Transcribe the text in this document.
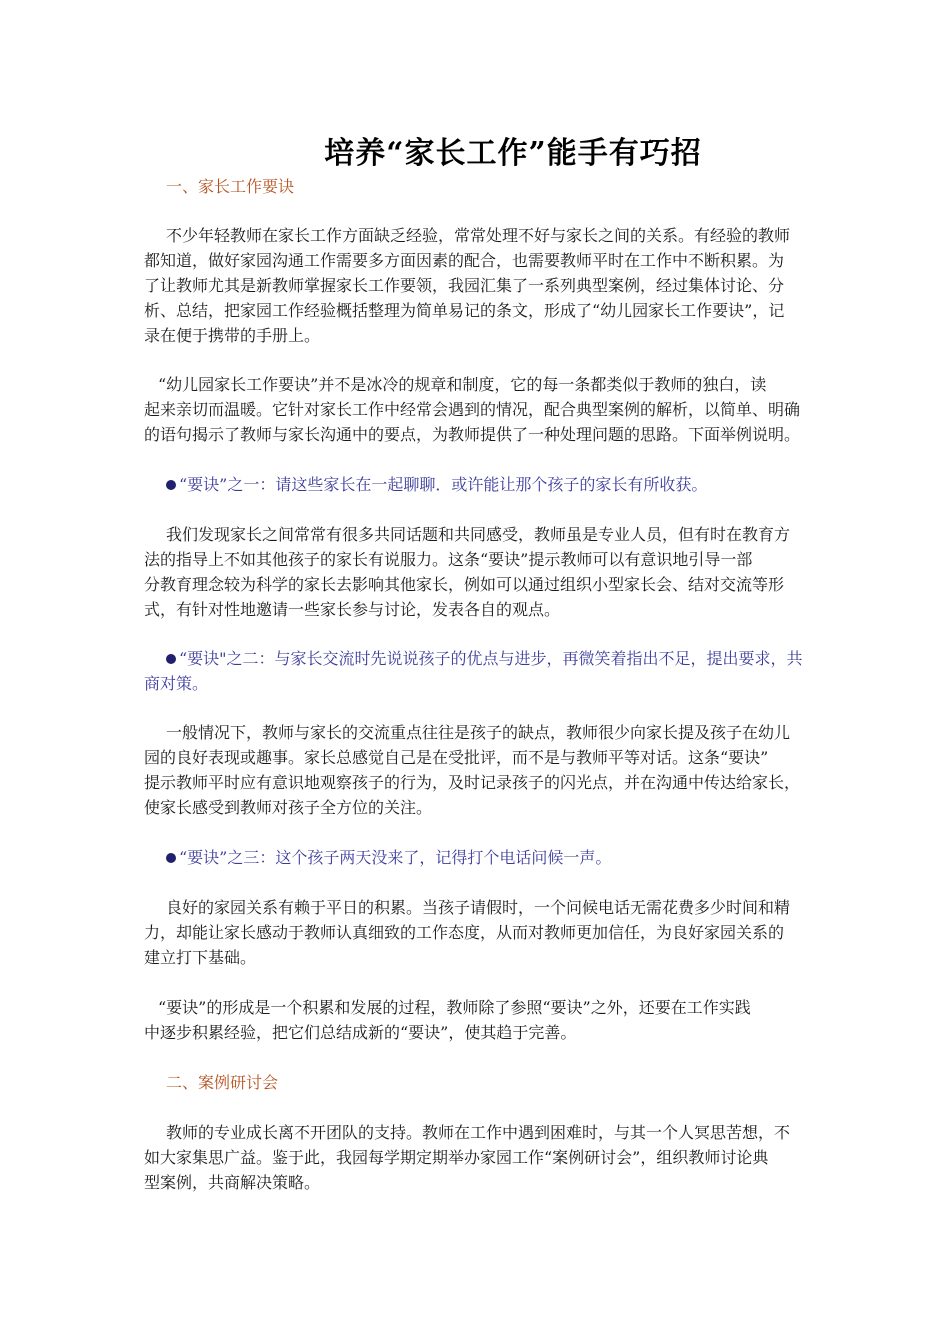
培养“家长工作”能手有巧招
一、家长工作要诀
不少年轻教师在家长工作方面缺乏经验，常常处理不好与家长之间的关系。有经验的教师
都知道，做好家园沟通工作需要多方面因素的配合，也需要教师平时在工作中不断积累。为
了让教师尤其是新教师掌握家长工作要领，我园汇集了一系列典型案例，经过集体讨论、分
析、总结，把家园工作经验概括整理为简单易记的条文，形成了“幼儿园家长工作要诀”，记
录在便于携带的手册上。
“幼儿园家长工作要诀”并不是冰冷的规章和制度，它的每一条都类似于教师的独白，读
起来亲切而温暖。它针对家长工作中经常会遇到的情况，配合典型案例的解析，以简单、明确
的语句揭示了教师与家长沟通中的要点，为教师提供了一种处理问题的思路。下面举例说明。
“要诀”之一：请这些家长在一起聊聊．或许能让那个孩子的家长有所收获。
我们发现家长之间常常有很多共同话题和共同感受，教师虽是专业人员，但有时在教育方
法的指导上不如其他孩子的家长有说服力。这条“要诀”提示教师可以有意识地引导一部
分教育理念较为科学的家长去影响其他家长，例如可以通过组织小型家长会、结对交流等形
式，有针对性地邀请一些家长参与讨论，发表各自的观点。
“要诀"之二：与家长交流时先说说孩子的优点与进步，再微笑着指出不足，提出要求，共
商对策。
一般情况下，教师与家长的交流重点往往是孩子的缺点，教师很少向家长提及孩子在幼儿
园的良好表现或趣事。家长总感觉自己是在受批评，而不是与教师平等对话。这条“要诀”
提示教师平时应有意识地观察孩子的行为，及时记录孩子的闪光点，并在沟通中传达给家长，
使家长感受到教师对孩子全方位的关注。
“要诀”之三：这个孩子两天没来了，记得打个电话问候一声。
良好的家园关系有赖于平日的积累。当孩子请假时，一个问候电话无需花费多少时间和精
力，却能让家长感动于教师认真细致的工作态度，从而对教师更加信任，为良好家园关系的
建立打下基础。
“要诀”的形成是一个积累和发展的过程，教师除了参照“要诀”之外，还要在工作实践
中逐步积累经验，把它们总结成新的“要诀”，使其趋于完善。
二、案例研讨会
教师的专业成长离不开团队的支持。教师在工作中遇到困难时，与其一个人冥思苦想，不
如大家集思广益。鉴于此，我园每学期定期举办家园工作“案例研讨会”，组织教师讨论典
型案例，共商解决策略。
